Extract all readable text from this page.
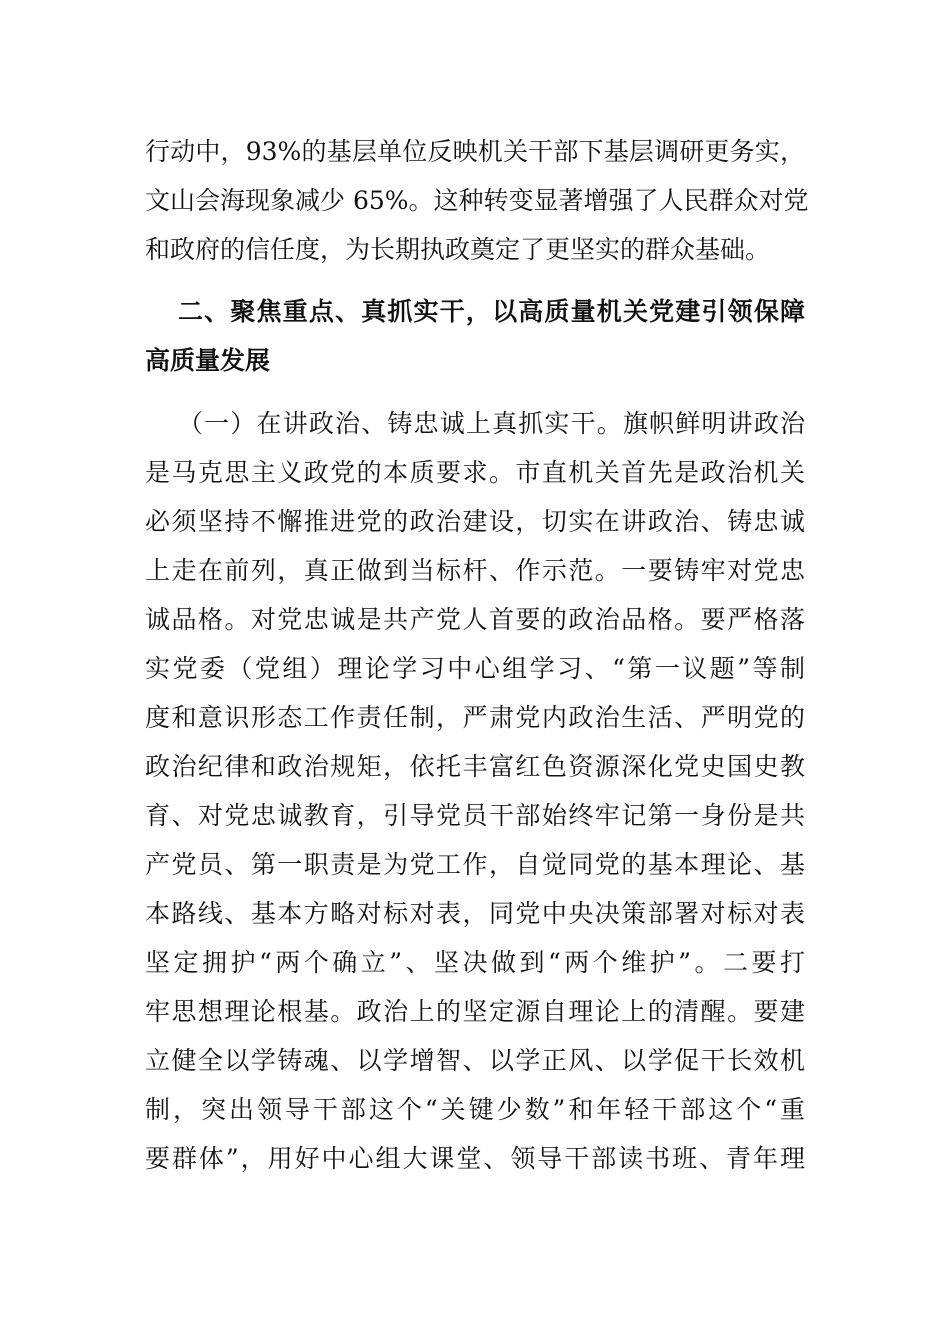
行动中，93%的基层单位反映机关干部下基层调研更务实，
文山会海现象减少 65%。这种转变显著增强了人民群众对党
和政府的信任度，为长期执政奠定了更坚实的群众基础。
二、聚焦重点、真抓实干，以高质量机关党建引领保障
高质量发展
（一）在讲政治、铸忠诚上真抓实干。旗帜鲜明讲政治
是马克思主义政党的本质要求。市直机关首先是政治机关
必须坚持不懈推进党的政治建设，切实在讲政治、铸忠诚
上走在前列，真正做到当标杆、作示范。一要铸牢对党忠
诚品格。对党忠诚是共产党人首要的政治品格。要严格落
实党委（党组）理论学习中心组学习、“第一议题”等制
度和意识形态工作责任制，严肃党内政治生活、严明党的
政治纪律和政治规矩，依托丰富红色资源深化党史国史教
育、对党忠诚教育，引导党员干部始终牢记第一身份是共
产党员、第一职责是为党工作，自觉同党的基本理论、基
本路线、基本方略对标对表，同党中央决策部署对标对表
坚定拥护“两个确立”、坚决做到“两个维护”。二要打
牢思想理论根基。政治上的坚定源自理论上的清醒。要建
立健全以学铸魂、以学增智、以学正风、以学促干长效机
制，突出领导干部这个“关键少数”和年轻干部这个“重
要群体”，用好中心组大课堂、领导干部读书班、青年理
